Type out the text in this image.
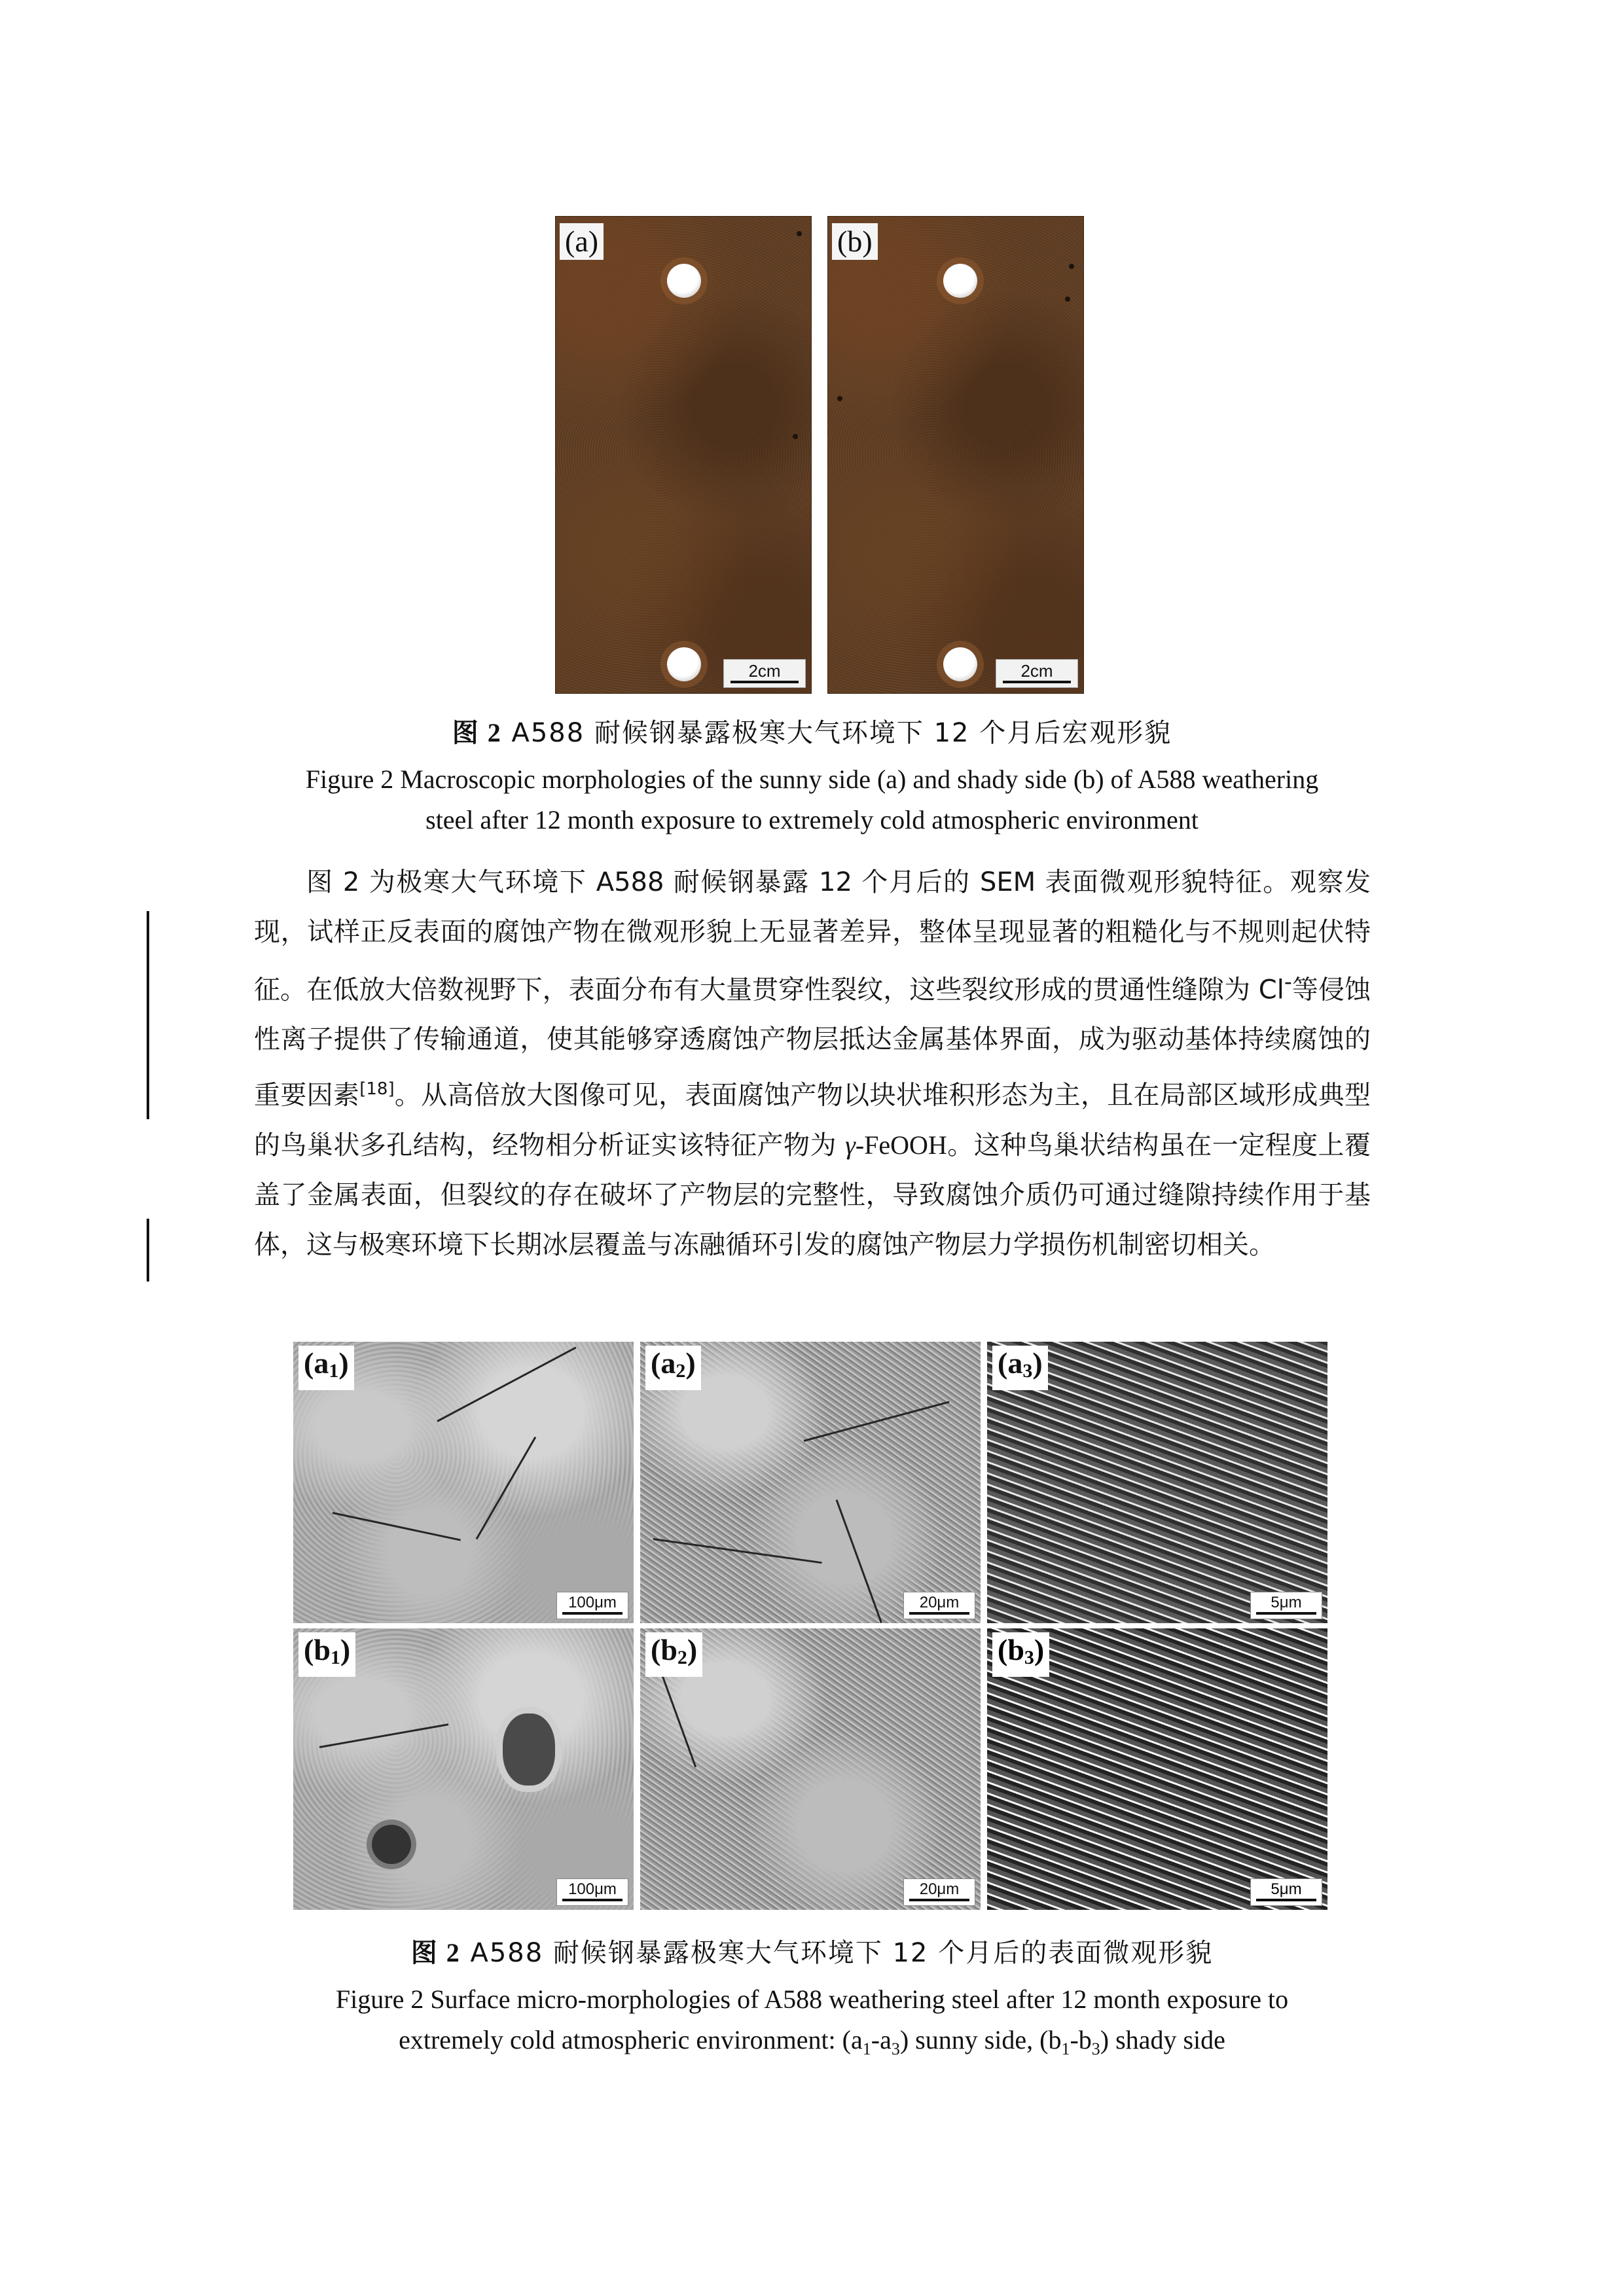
(a)
2cm
(b)
2cm
图 2 A588 耐候钢暴露极寒大气环境下 12 个月后宏观形貌
Figure 2 Macroscopic morphologies of the sunny side (a) and shady side (b) of A588 weathering
steel after 12 month exposure to extremely cold atmospheric environment

图 2 为极寒大气环境下 A588 耐候钢暴露 12 个月后的 SEM 表面微观形貌特征。观察发现，试样正反表面的腐蚀产物在微观形貌上无显著差异，整体呈现显著的粗糙化与不规则起伏特征。在低放大倍数视野下，表面分布有大量贯穿性裂纹，这些裂纹形成的贯通性缝隙为 Cl-等侵蚀性离子提供了传输通道，使其能够穿透腐蚀产物层抵达金属基体界面，成为驱动基体持续腐蚀的重要因素[18]。从高倍放大图像可见，表面腐蚀产物以块状堆积形态为主，且在局部区域形成典型的鸟巢状多孔结构，经物相分析证实该特征产物为 γ-FeOOH。这种鸟巢状结构虽在一定程度上覆盖了金属表面，但裂纹的存在破坏了产物层的完整性，导致腐蚀介质仍可通过缝隙持续作用于基体，这与极寒环境下长期冰层覆盖与冻融循环引发的腐蚀产物层力学损伤机制密切相关。

$(a_1)$
100μm
$(a_2)$
20μm
$(a_3)$
5μm
$(b_1)$
100μm
$(b_2)$
20μm
$(b_3)$
5μm
图 2 A588 耐候钢暴露极寒大气环境下 12 个月后的表面微观形貌
Figure 2 Surface micro-morphologies of A588 weathering steel after 12 month exposure to
extremely cold atmospheric environment: $(a_1-a_3)$ sunny side, $(b_1-b_3)$ shady side
